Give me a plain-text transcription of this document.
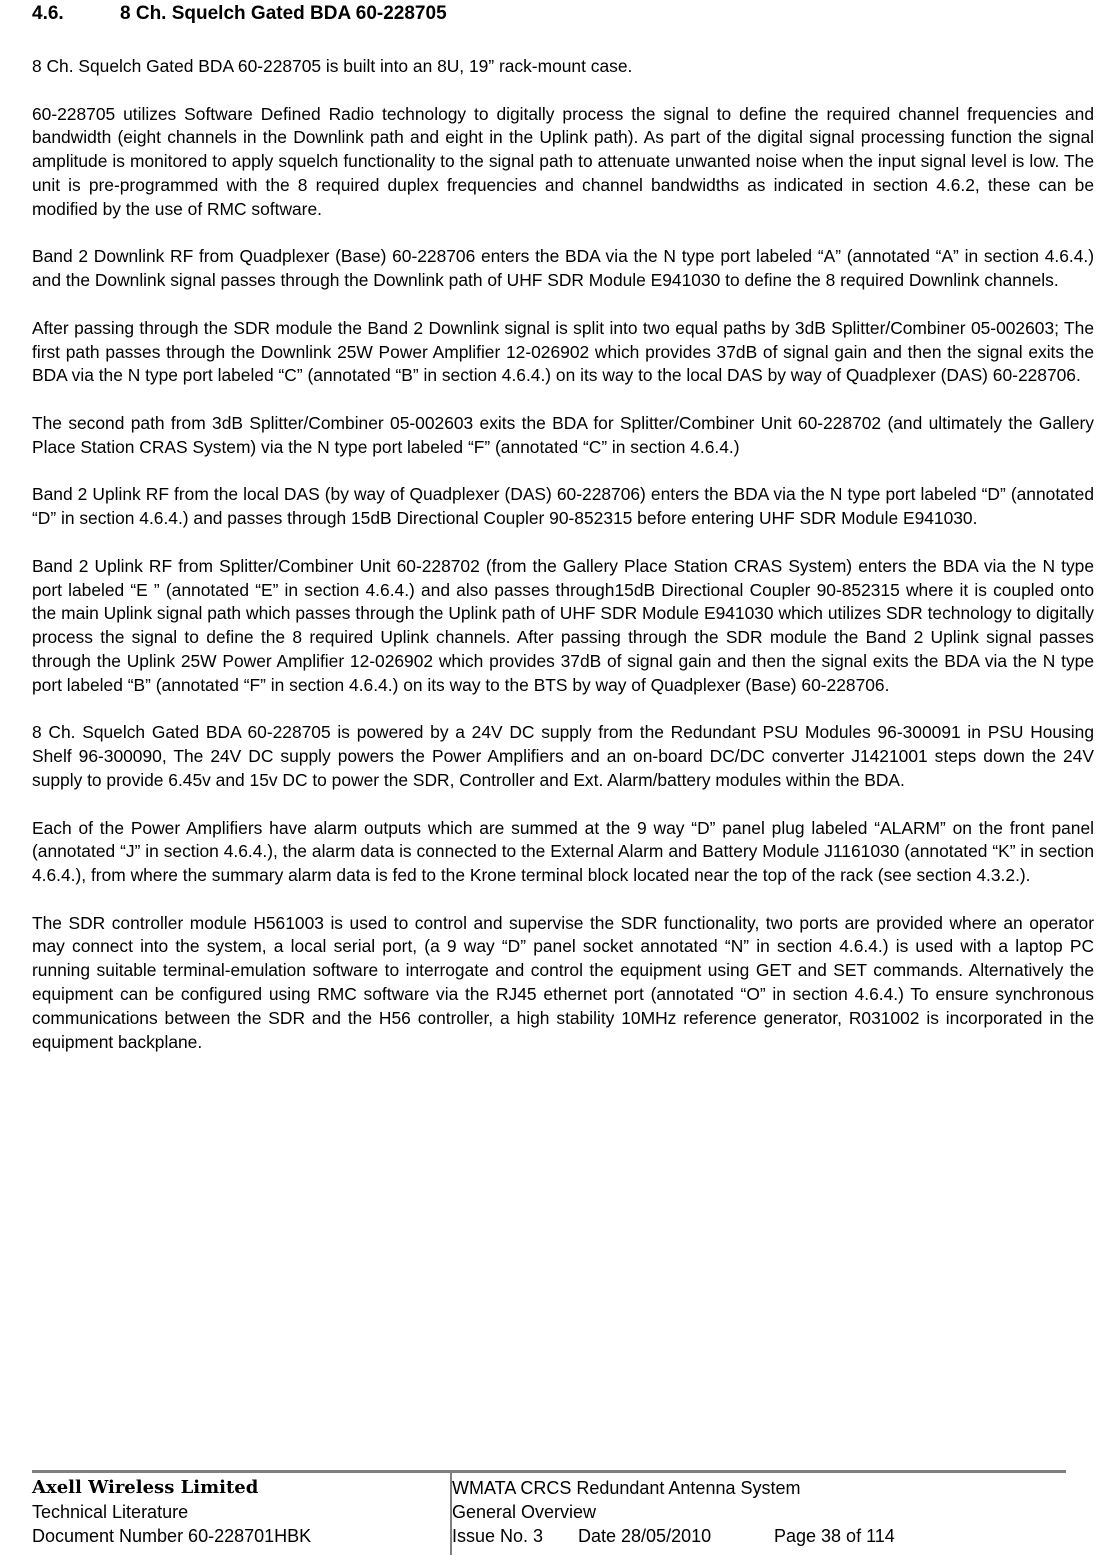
4.6.	8 Ch. Squelch Gated BDA 60-228705

8 Ch. Squelch Gated BDA 60-228705 is built into an 8U, 19” rack-mount case.

60-228705 utilizes Software Defined Radio technology to digitally process the signal to define the required channel frequencies and bandwidth (eight channels in the Downlink path and eight in the Uplink path). As part of the digital signal processing function the signal amplitude is monitored to apply squelch functionality to the signal path to attenuate unwanted noise when the input signal level is low. The unit is pre-programmed with the 8 required duplex frequencies and channel bandwidths as indicated in section 4.6.2, these can be modified by the use of RMC software.

Band 2 Downlink RF from Quadplexer (Base) 60-228706 enters the BDA via the N type port labeled “A” (annotated “A” in section 4.6.4.) and the Downlink signal passes through the Downlink path of UHF SDR Module E941030 to define the 8 required Downlink channels.

After passing through the SDR module the Band 2 Downlink signal is split into two equal paths by 3dB Splitter/Combiner 05-002603; The first path passes through the Downlink 25W Power Amplifier 12-026902 which provides 37dB of signal gain and then the signal exits the BDA via the N type port labeled “C” (annotated “B” in section 4.6.4.) on its way to the local DAS by way of Quadplexer (DAS) 60-228706.

The second path from 3dB Splitter/Combiner 05-002603 exits the BDA for Splitter/Combiner Unit 60-228702 (and ultimately the Gallery Place Station CRAS System) via the N type port labeled “F” (annotated “C” in section 4.6.4.)

Band 2 Uplink RF from the local DAS (by way of Quadplexer (DAS) 60-228706) enters the BDA via the N type port labeled “D” (annotated “D” in section 4.6.4.) and passes through 15dB Directional Coupler 90-852315 before entering UHF SDR Module E941030.

Band 2 Uplink RF from Splitter/Combiner Unit 60-228702 (from the Gallery Place Station CRAS System) enters the BDA via the N type port labeled “E ” (annotated “E” in section 4.6.4.) and also passes through15dB Directional Coupler 90-852315 where it is coupled onto the main Uplink signal path which passes through the Uplink path of UHF SDR Module E941030 which utilizes SDR technology to digitally process the signal to define the 8 required Uplink channels. After passing through the SDR module the Band 2 Uplink signal passes through the Uplink 25W Power Amplifier 12-026902 which provides 37dB of signal gain and then the signal exits the BDA via the N type port labeled “B” (annotated “F” in section 4.6.4.) on its way to the BTS by way of Quadplexer (Base) 60-228706.

8 Ch. Squelch Gated BDA 60-228705 is powered by a 24V DC supply from the Redundant PSU Modules 96-300091 in PSU Housing Shelf 96-300090, The 24V DC supply powers the Power Amplifiers and an on-board DC/DC converter J1421001 steps down the 24V supply to provide 6.45v and 15v DC to power the SDR, Controller and Ext. Alarm/battery modules within the BDA.

Each of the Power Amplifiers have alarm outputs which are summed at the 9 way “D” panel plug labeled “ALARM” on the front panel (annotated “J” in section 4.6.4.), the alarm data is connected to the External Alarm and Battery Module J1161030 (annotated “K” in section 4.6.4.), from where the summary alarm data is fed to the Krone terminal block located near the top of the rack (see section 4.3.2.).

The SDR controller module H561003 is used to control and supervise the SDR functionality, two ports are provided where an operator may connect into the system, a local serial port, (a 9 way “D” panel socket annotated “N” in section 4.6.4.) is used with a laptop PC running suitable terminal-emulation software to interrogate and control the equipment using GET and SET commands. Alternatively the equipment can be configured using RMC software via the RJ45 ethernet port (annotated “O” in section 4.6.4.) To ensure synchronous communications between the SDR and the H56 controller, a high stability 10MHz reference generator, R031002 is incorporated in the equipment backplane.

Axell Wireless Limited
Technical Literature
Document Number 60-228701HBK
WMATA CRCS Redundant Antenna System
General Overview
Issue No. 3 Date 28/05/2010	Page 38 of 114
